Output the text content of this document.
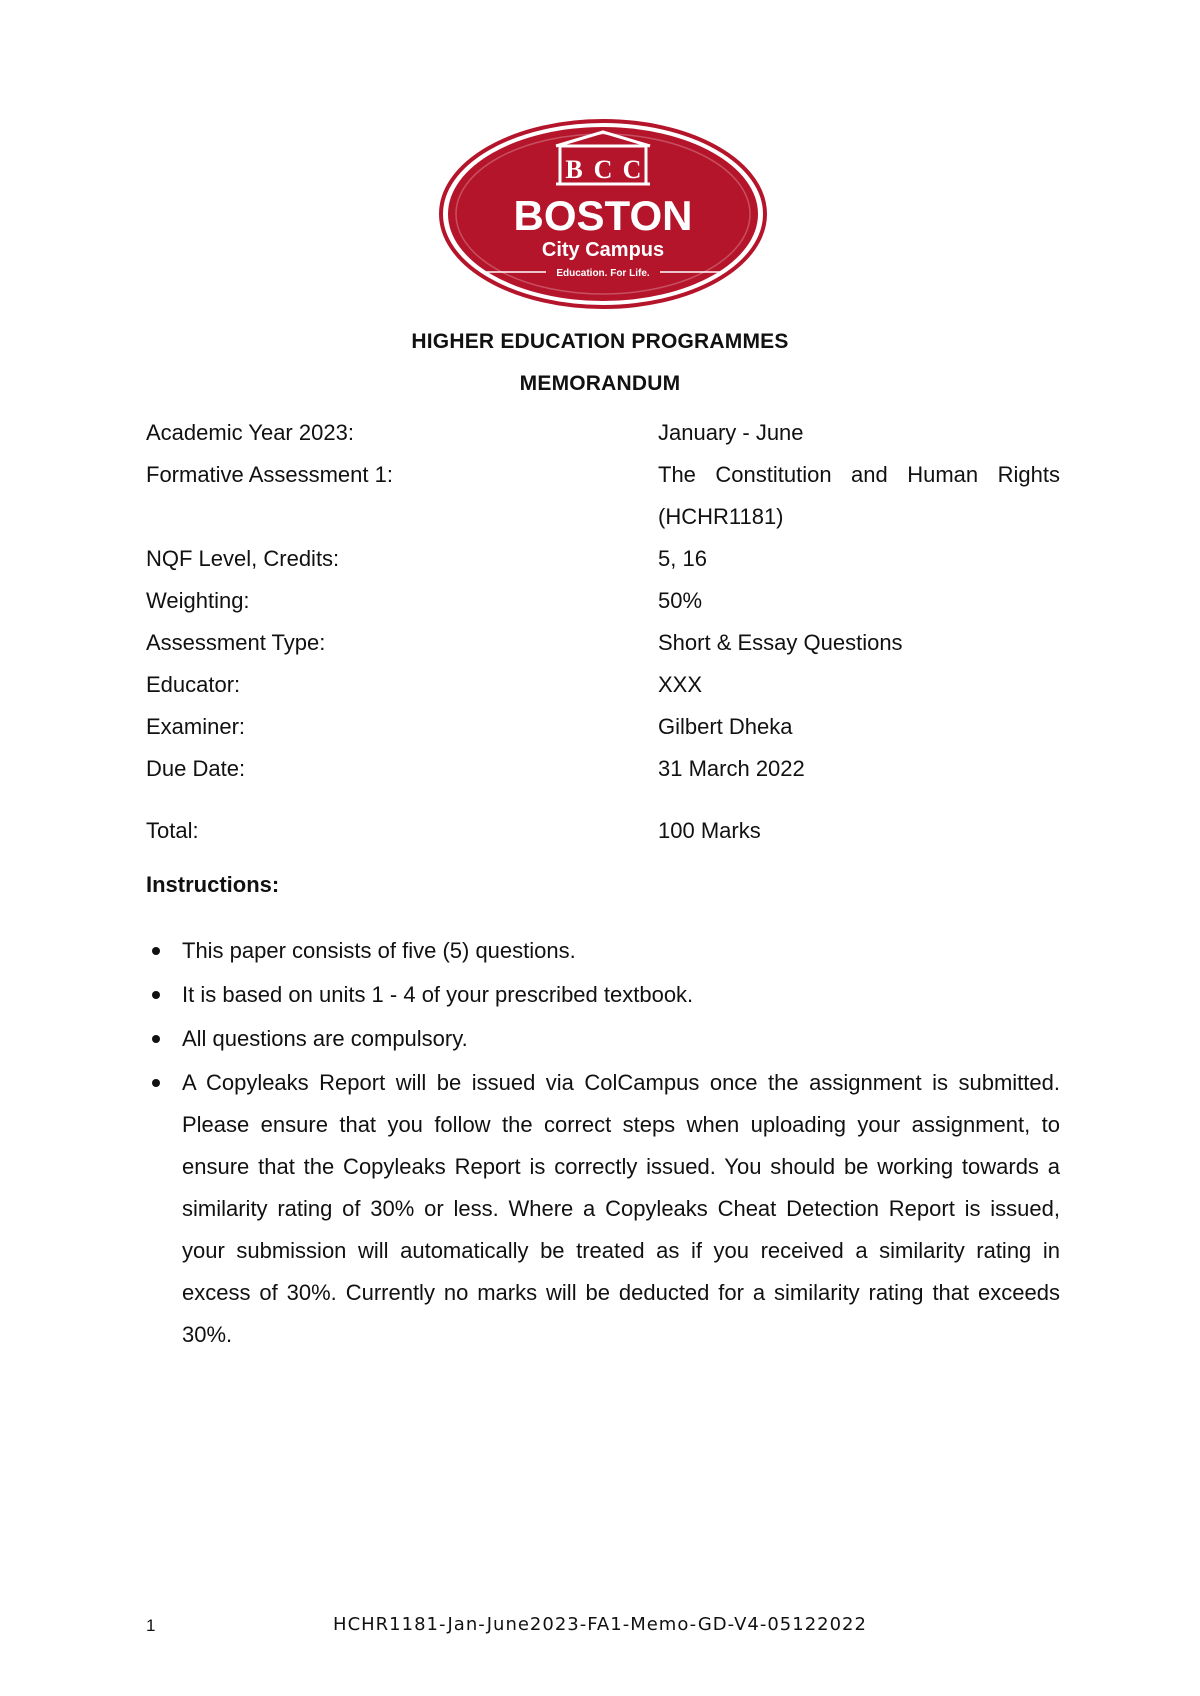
B C C
BOSTON
City Campus
Education. For Life.
HIGHER EDUCATION PROGRAMMES
MEMORANDUM
Academic Year 2023:	January - June
Formative Assessment 1:	The Constitution and Human Rights (HCHR1181)
NQF Level, Credits:	5, 16
Weighting:	50%
Assessment Type:	Short & Essay Questions
Educator:	XXX
Examiner:	Gilbert Dheka
Due Date:	31 March 2022
Total:	100 Marks
Instructions:
This paper consists of five (5) questions.
It is based on units 1 - 4 of your prescribed textbook.
All questions are compulsory.
A Copyleaks Report will be issued via ColCampus once the assignment is submitted. Please ensure that you follow the correct steps when uploading your assignment, to ensure that the Copyleaks Report is correctly issued. You should be working towards a similarity rating of 30% or less. Where a Copyleaks Cheat Detection Report is issued, your submission will automatically be treated as if you received a similarity rating in excess of 30%. Currently no marks will be deducted for a similarity rating that exceeds 30%.
1	HCHR1181-Jan-June2023-FA1-Memo-GD-V4-05122022
